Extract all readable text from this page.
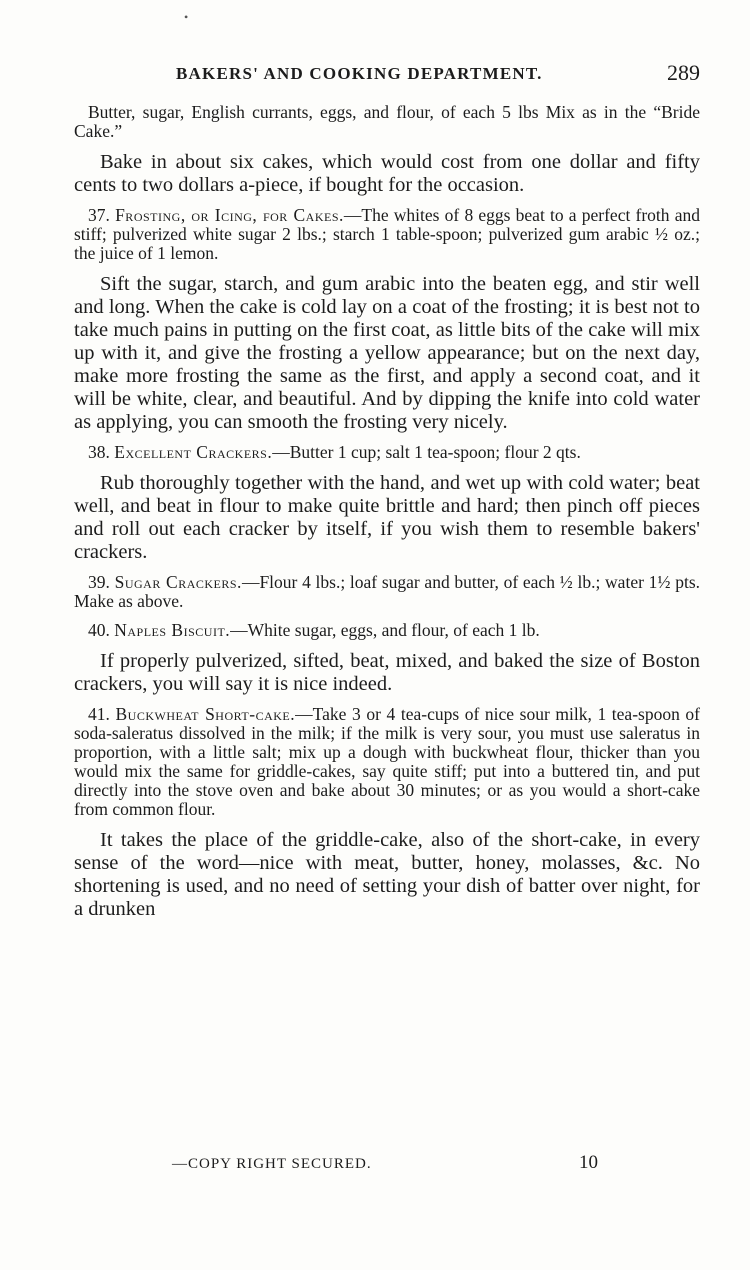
•
BAKERS' AND COOKING DEPARTMENT.	289

Butter, sugar, English currants, eggs, and flour, of each 5 lbs Mix as in the “Bride Cake.”

Bake in about six cakes, which would cost from one dollar and fifty cents to two dollars a-piece, if bought for the occasion.

37. Frosting, or Icing, for Cakes.—The whites of 8 eggs beat to a perfect froth and stiff; pulverized white sugar 2 lbs.; starch 1 table-spoon; pulverized gum arabic ½ oz.; the juice of 1 lemon.

Sift the sugar, starch, and gum arabic into the beaten egg, and stir well and long. When the cake is cold lay on a coat of the frosting; it is best not to take much pains in putting on the first coat, as little bits of the cake will mix up with it, and give the frosting a yellow appearance; but on the next day, make more frosting the same as the first, and apply a second coat, and it will be white, clear, and beautiful. And by dipping the knife into cold water as applying, you can smooth the frosting very nicely.

38. Excellent Crackers.—Butter 1 cup; salt 1 tea-spoon; flour 2 qts.

Rub thoroughly together with the hand, and wet up with cold water; beat well, and beat in flour to make quite brittle and hard; then pinch off pieces and roll out each cracker by itself, if you wish them to resemble bakers' crackers.

39. Sugar Crackers.—Flour 4 lbs.; loaf sugar and butter, of each ½ lb.; water 1½ pts. Make as above.

40. Naples Biscuit.—White sugar, eggs, and flour, of each 1 lb.

If properly pulverized, sifted, beat, mixed, and baked the size of Boston crackers, you will say it is nice indeed.

41. Buckwheat Short-cake.—Take 3 or 4 tea-cups of nice sour milk, 1 tea-spoon of soda-saleratus dissolved in the milk; if the milk is very sour, you must use saleratus in proportion, with a little salt; mix up a dough with buckwheat flour, thicker than you would mix the same for griddle-cakes, say quite stiff; put into a buttered tin, and put directly into the stove oven and bake about 30 minutes; or as you would a short-cake from common flour.

It takes the place of the griddle-cake, also of the short-cake, in every sense of the word—nice with meat, butter, honey, molasses, &c. No shortening is used, and no need of setting your dish of batter over night, for a drunken

—COPY RIGHT SECURED.	10
